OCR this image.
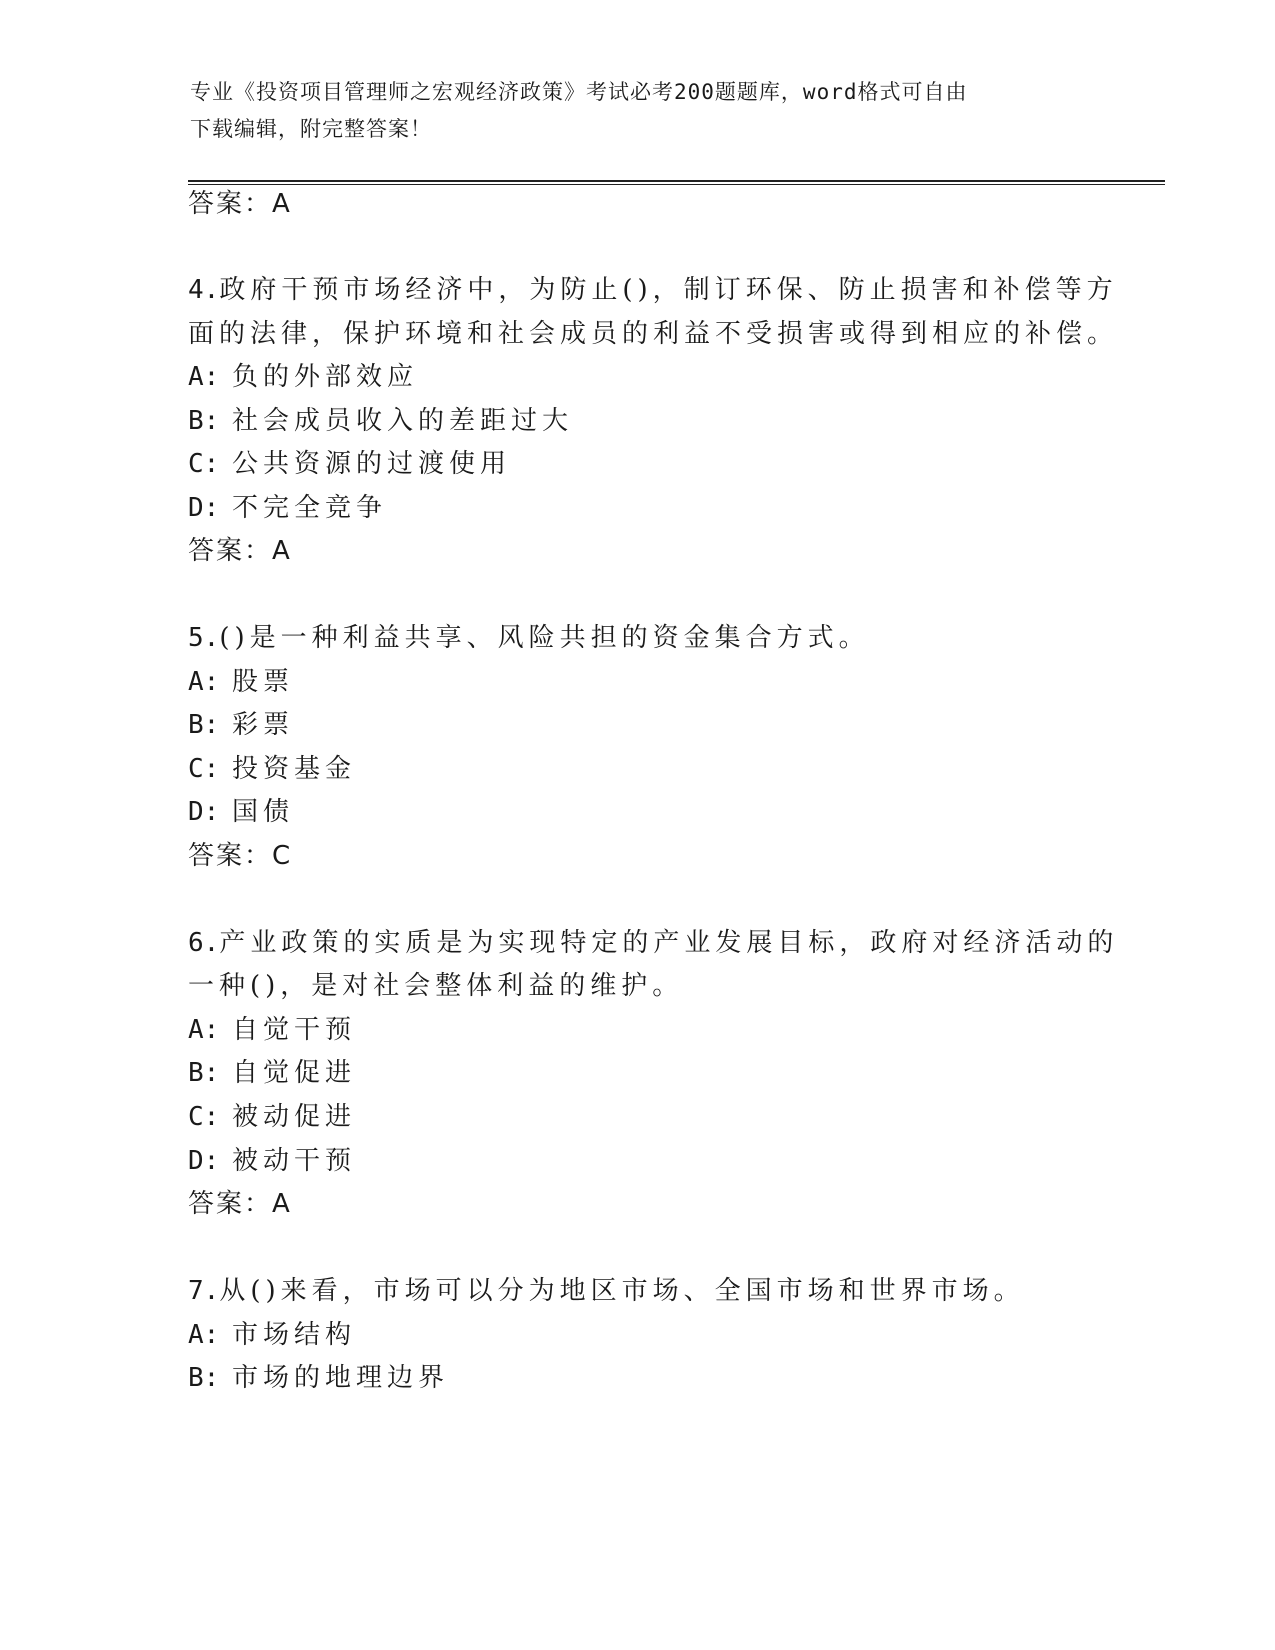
专业《投资项目管理师之宏观经济政策》考试必考200题题库，word格式可自由
下载编辑，附完整答案！
答案：A
4.政府干预市场经济中，为防止()，制订环保、防止损害和补偿等方
面的法律，保护环境和社会成员的利益不受损害或得到相应的补偿。
A: 负的外部效应
B: 社会成员收入的差距过大
C: 公共资源的过渡使用
D: 不完全竞争
答案：A
5.()是一种利益共享、风险共担的资金集合方式。
A: 股票
B: 彩票
C: 投资基金
D: 国债
答案：C
6.产业政策的实质是为实现特定的产业发展目标，政府对经济活动的
一种()，是对社会整体利益的维护。
A: 自觉干预
B: 自觉促进
C: 被动促进
D: 被动干预
答案：A
7.从()来看，市场可以分为地区市场、全国市场和世界市场。
A: 市场结构
B: 市场的地理边界
